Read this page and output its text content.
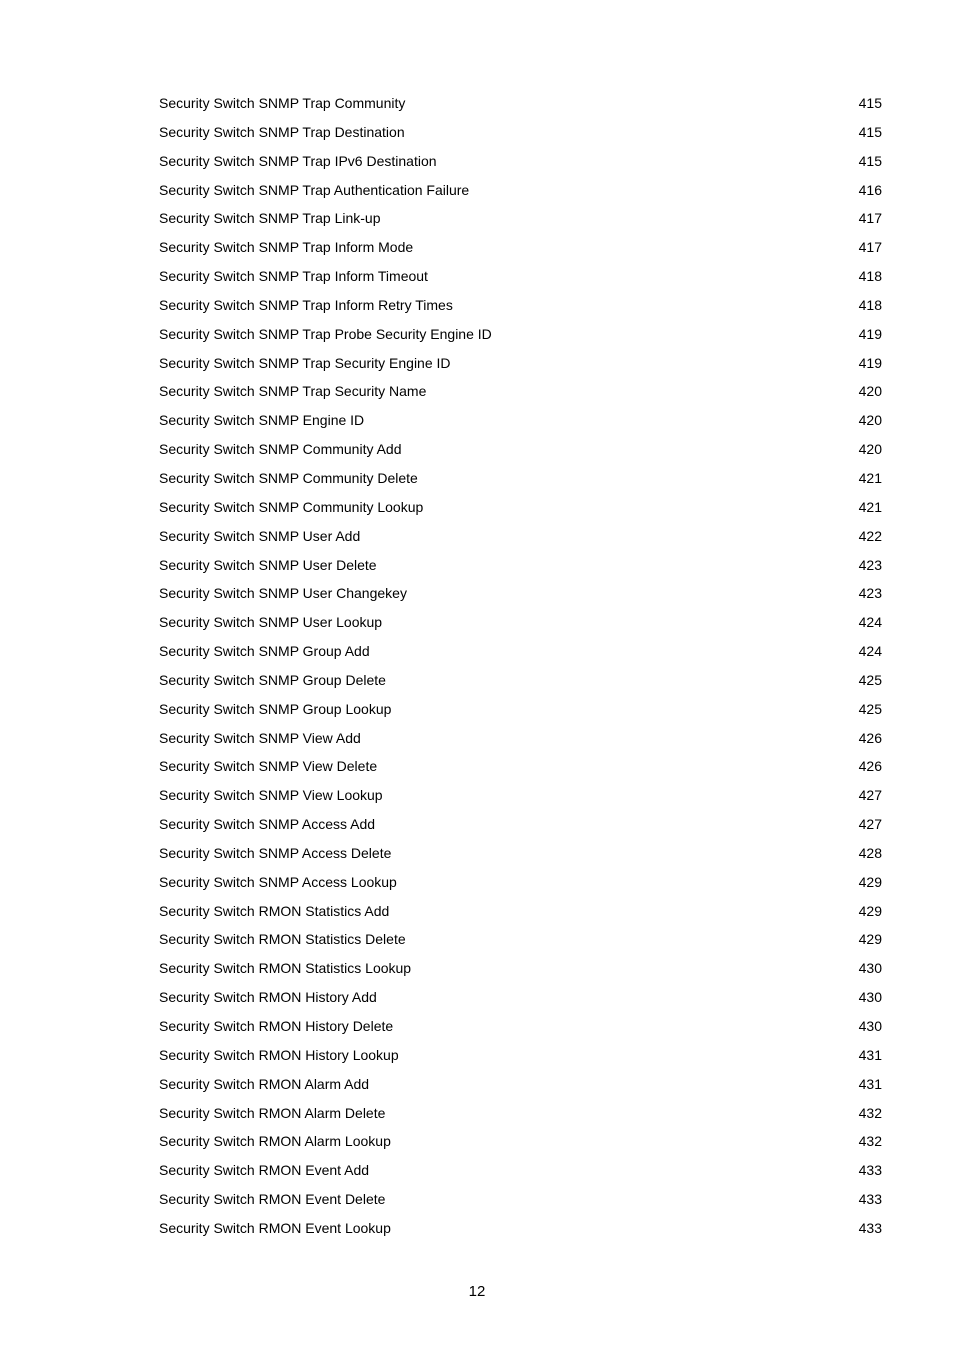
Security Switch SNMP Trap Community	415
Security Switch SNMP Trap Destination	415
Security Switch SNMP Trap IPv6 Destination	415
Security Switch SNMP Trap Authentication Failure	416
Security Switch SNMP Trap Link-up	417
Security Switch SNMP Trap Inform Mode	417
Security Switch SNMP Trap Inform Timeout	418
Security Switch SNMP Trap Inform Retry Times	418
Security Switch SNMP Trap Probe Security Engine ID	419
Security Switch SNMP Trap Security Engine ID	419
Security Switch SNMP Trap Security Name	420
Security Switch SNMP Engine ID	420
Security Switch SNMP Community Add	420
Security Switch SNMP Community Delete	421
Security Switch SNMP Community Lookup	421
Security Switch SNMP User Add	422
Security Switch SNMP User Delete	423
Security Switch SNMP User Changekey	423
Security Switch SNMP User Lookup	424
Security Switch SNMP Group Add	424
Security Switch SNMP Group Delete	425
Security Switch SNMP Group Lookup	425
Security Switch SNMP View Add	426
Security Switch SNMP View Delete	426
Security Switch SNMP View Lookup	427
Security Switch SNMP Access Add	427
Security Switch SNMP Access Delete	428
Security Switch SNMP Access Lookup	429
Security Switch RMON Statistics Add	429
Security Switch RMON Statistics Delete	429
Security Switch RMON Statistics Lookup	430
Security Switch RMON History Add	430
Security Switch RMON History Delete	430
Security Switch RMON History Lookup	431
Security Switch RMON Alarm Add	431
Security Switch RMON Alarm Delete	432
Security Switch RMON Alarm Lookup	432
Security Switch RMON Event Add	433
Security Switch RMON Event Delete	433
Security Switch RMON Event Lookup	433
12
